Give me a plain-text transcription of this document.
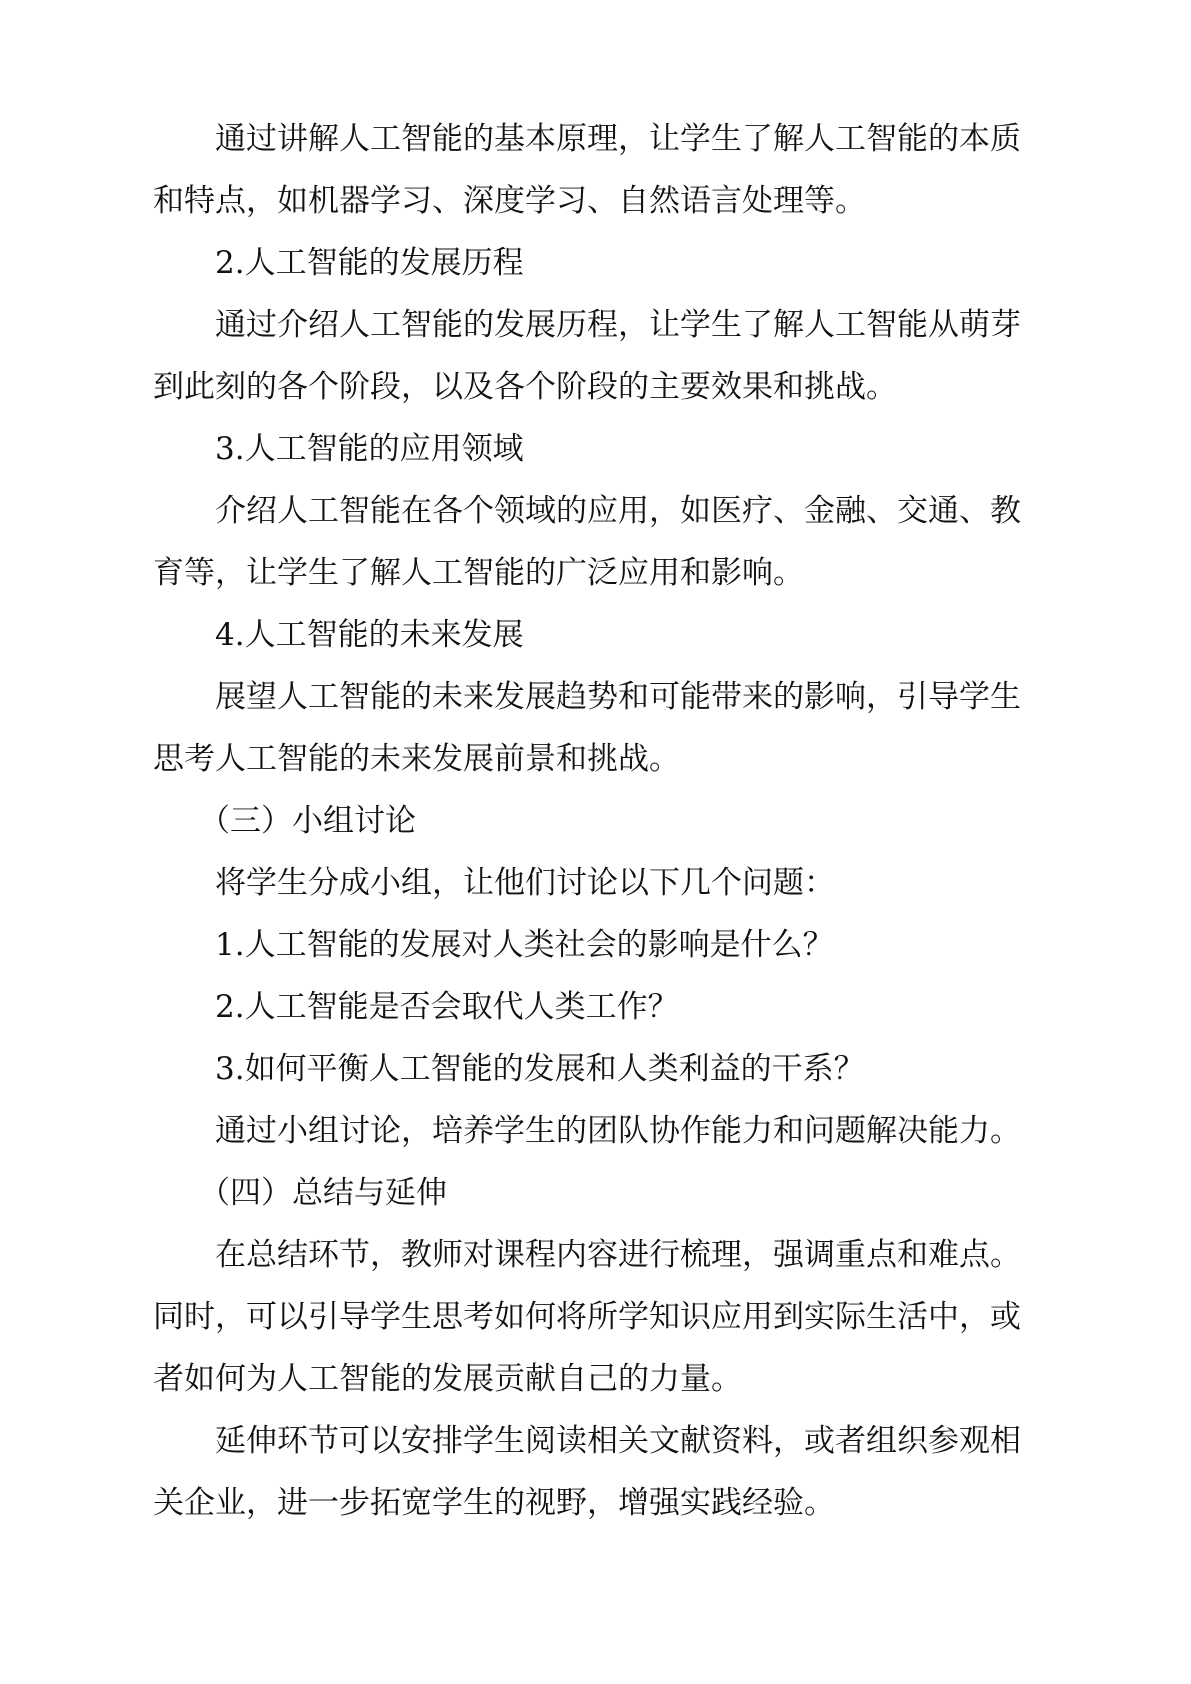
通过讲解人工智能的基本原理，让学生了解人工智能的本质

和特点，如机器学习、深度学习、自然语言处理等。

2.人工智能的发展历程

通过介绍人工智能的发展历程，让学生了解人工智能从萌芽

到此刻的各个阶段，以及各个阶段的主要效果和挑战。

3.人工智能的应用领域

介绍人工智能在各个领域的应用，如医疗、金融、交通、教

育等，让学生了解人工智能的广泛应用和影响。

4.人工智能的未来发展

展望人工智能的未来发展趋势和可能带来的影响，引导学生

思考人工智能的未来发展前景和挑战。

（三）小组讨论

将学生分成小组，让他们讨论以下几个问题：

1.人工智能的发展对人类社会的影响是什么？

2.人工智能是否会取代人类工作？

3.如何平衡人工智能的发展和人类利益的干系？

通过小组讨论，培养学生的团队协作能力和问题解决能力。

（四）总结与延伸

在总结环节，教师对课程内容进行梳理，强调重点和难点。

同时，可以引导学生思考如何将所学知识应用到实际生活中，或

者如何为人工智能的发展贡献自己的力量。

延伸环节可以安排学生阅读相关文献资料，或者组织参观相

关企业，进一步拓宽学生的视野，增强实践经验。
